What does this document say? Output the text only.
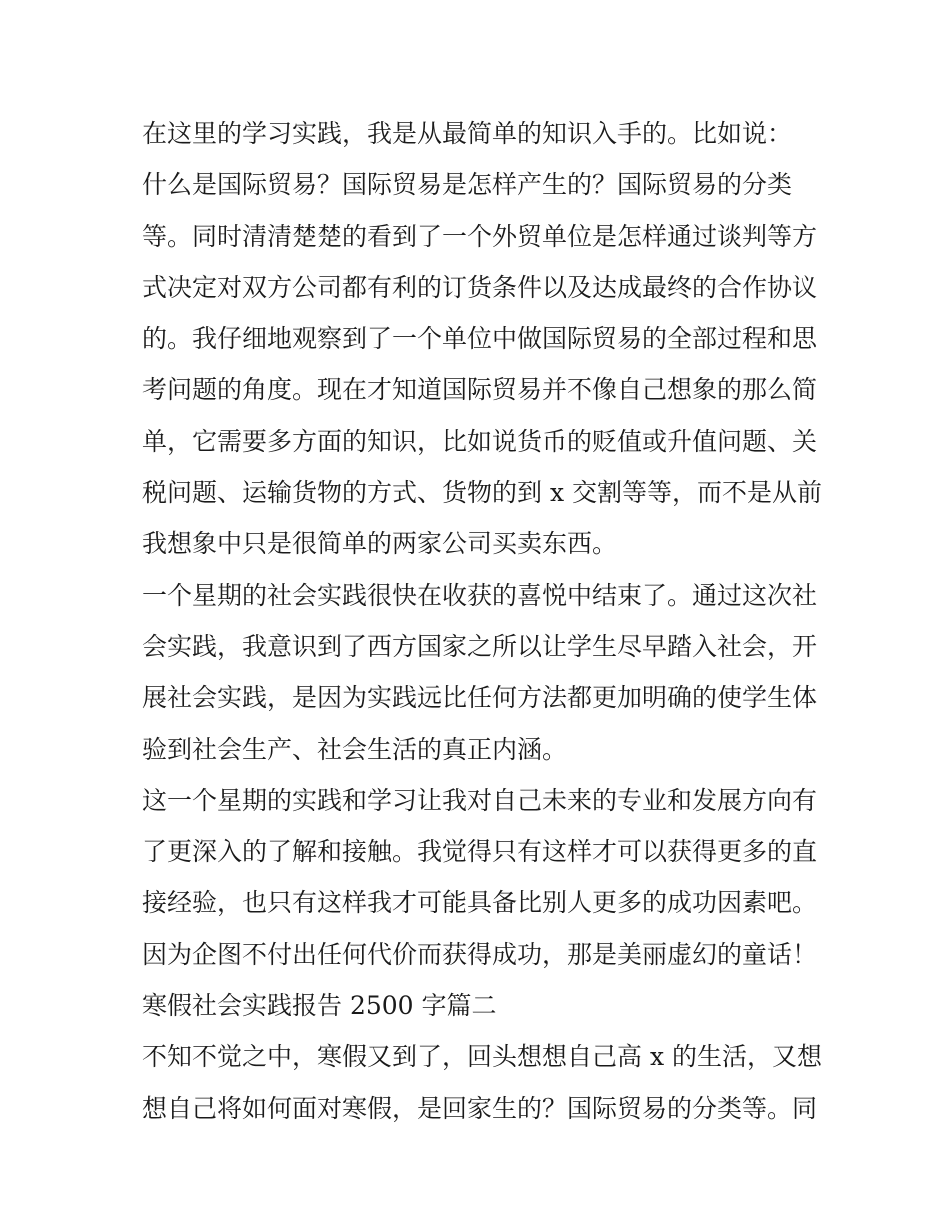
在这里的学习实践，我是从最简单的知识入手的。比如说：
什么是国际贸易？国际贸易是怎样产生的？国际贸易的分类
等。同时清清楚楚的看到了一个外贸单位是怎样通过谈判等方
式决定对双方公司都有利的订货条件以及达成最终的合作协议
的。我仔细地观察到了一个单位中做国际贸易的全部过程和思
考问题的角度。现在才知道国际贸易并不像自己想象的那么简
单，它需要多方面的知识，比如说货币的贬值或升值问题、关
税问题、运输货物的方式、货物的到 x 交割等等，而不是从前
我想象中只是很简单的两家公司买卖东西。
一个星期的社会实践很快在收获的喜悦中结束了。通过这次社
会实践，我意识到了西方国家之所以让学生尽早踏入社会，开
展社会实践，是因为实践远比任何方法都更加明确的使学生体
验到社会生产、社会生活的真正内涵。
这一个星期的实践和学习让我对自己未来的专业和发展方向有
了更深入的了解和接触。我觉得只有这样才可以获得更多的直
接经验，也只有这样我才可能具备比别人更多的成功因素吧。
因为企图不付出任何代价而获得成功，那是美丽虚幻的童话！
寒假社会实践报告 2500 字篇二
不知不觉之中，寒假又到了，回头想想自己高 x 的生活，又想
想自己将如何面对寒假，是回家生的？国际贸易的分类等。同
